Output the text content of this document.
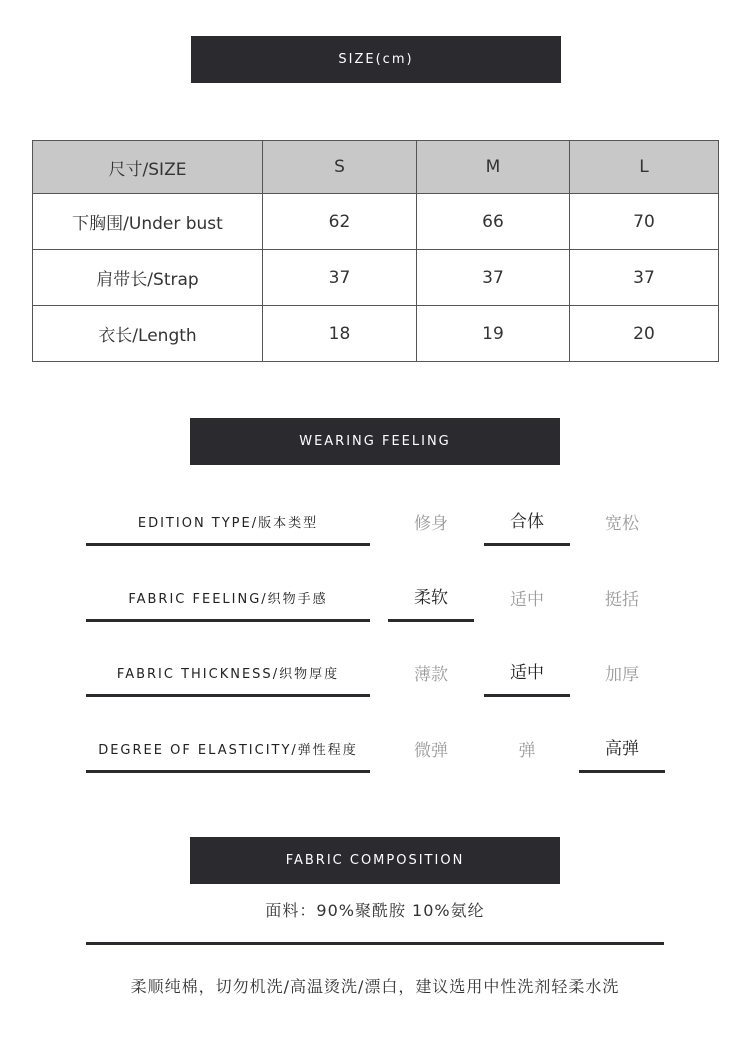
SIZE(cm)
尺寸/SIZE	S	M	L
下胸围/Under bust	62	66	70
肩带长/Strap	37	37	37
衣长/Length	18	19	20
WEARING FEELING
EDITION TYPE/版本类型	修身	合体	宽松
FABRIC FEELING/织物手感	柔软	适中	挺括
FABRIC THICKNESS/织物厚度	薄款	适中	加厚
DEGREE OF ELASTICITY/弹性程度	微弹	弹	高弹
FABRIC COMPOSITION
面料：90%聚酰胺 10%氨纶
柔顺纯棉，切勿机洗/高温烫洗/漂白，建议选用中性洗剂轻柔水洗
